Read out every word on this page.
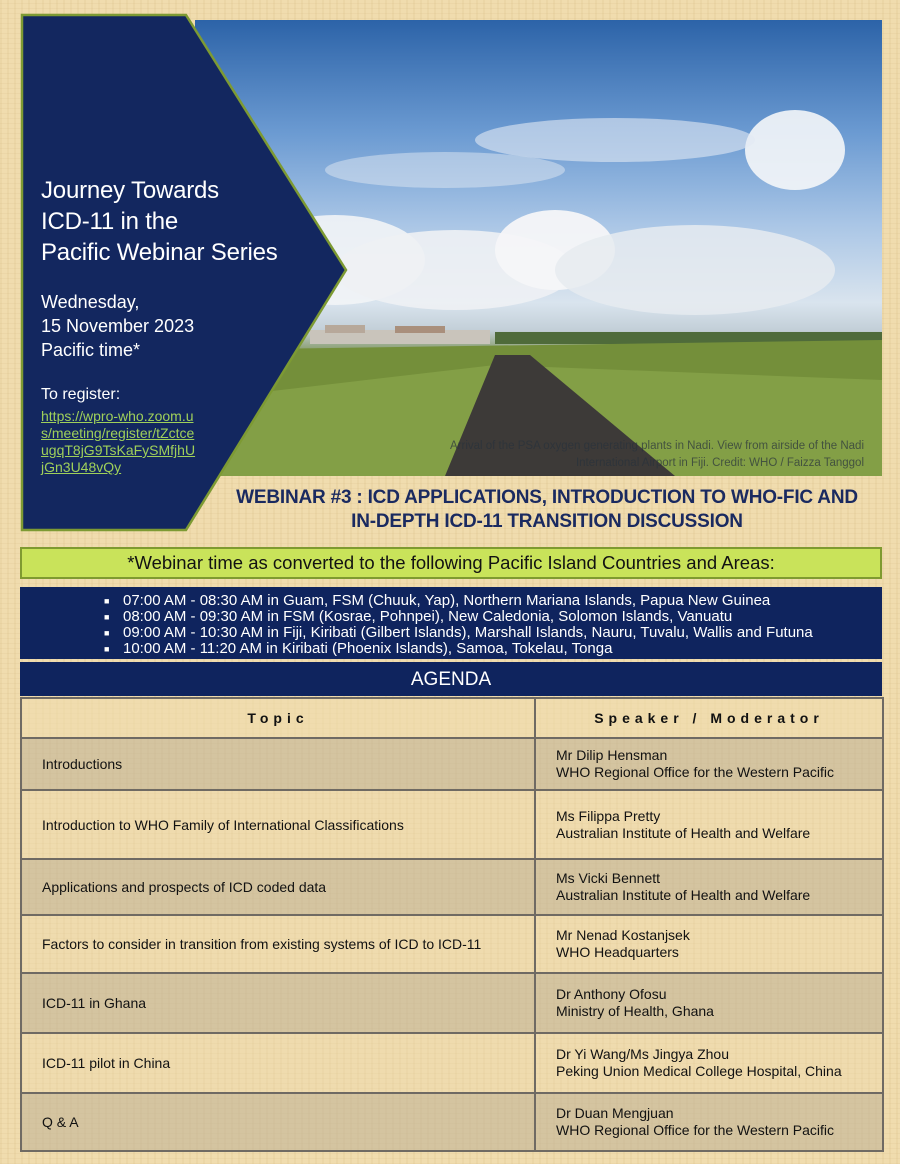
Arrival of the PSA oxygen generating plants in Nadi. View from airside of the Nadi International Airport in Fiji. Credit: WHO / Faizza Tanggol
Journey Towards
ICD-11 in the
Pacific Webinar Series
Wednesday,
15 November 2023
Pacific time*
To register:
https://wpro-who.zoom.us/meeting/register/tZctceugqT8jG9TsKaFySMfjhUjGn3U48vQy
WEBINAR #3 : ICD APPLICATIONS, INTRODUCTION TO WHO-FIC AND
IN-DEPTH ICD-11 TRANSITION DISCUSSION
*Webinar time as converted to the following Pacific Island Countries and Areas:
■ 07:00 AM - 08:30 AM in Guam, FSM (Chuuk, Yap), Northern Mariana Islands, Papua New Guinea
■ 08:00 AM - 09:30 AM in FSM (Kosrae, Pohnpei), New Caledonia, Solomon Islands, Vanuatu
■ 09:00 AM - 10:30 AM in Fiji, Kiribati (Gilbert Islands), Marshall Islands, Nauru, Tuvalu, Wallis and Futuna
■ 10:00 AM - 11:20 AM in Kiribati (Phoenix Islands), Samoa, Tokelau, Tonga
AGENDA
Topic	Speaker / Moderator
Introductions	Mr Dilip Hensman
WHO Regional Office for the Western Pacific

Introduction to WHO Family of International Classifications	Ms Filippa Pretty
Australian Institute of Health and Welfare

Applications and prospects of ICD coded data	Ms Vicki Bennett
Australian Institute of Health and Welfare

Factors to consider in transition from existing systems of ICD to ICD-11	Mr Nenad Kostanjsek
WHO Headquarters

ICD-11 in Ghana	Dr Anthony Ofosu
Ministry of Health, Ghana

ICD-11 pilot in China	Dr Yi Wang/Ms Jingya Zhou
Peking Union Medical College Hospital, China

Q & A	Dr Duan Mengjuan
WHO Regional Office for the Western Pacific
